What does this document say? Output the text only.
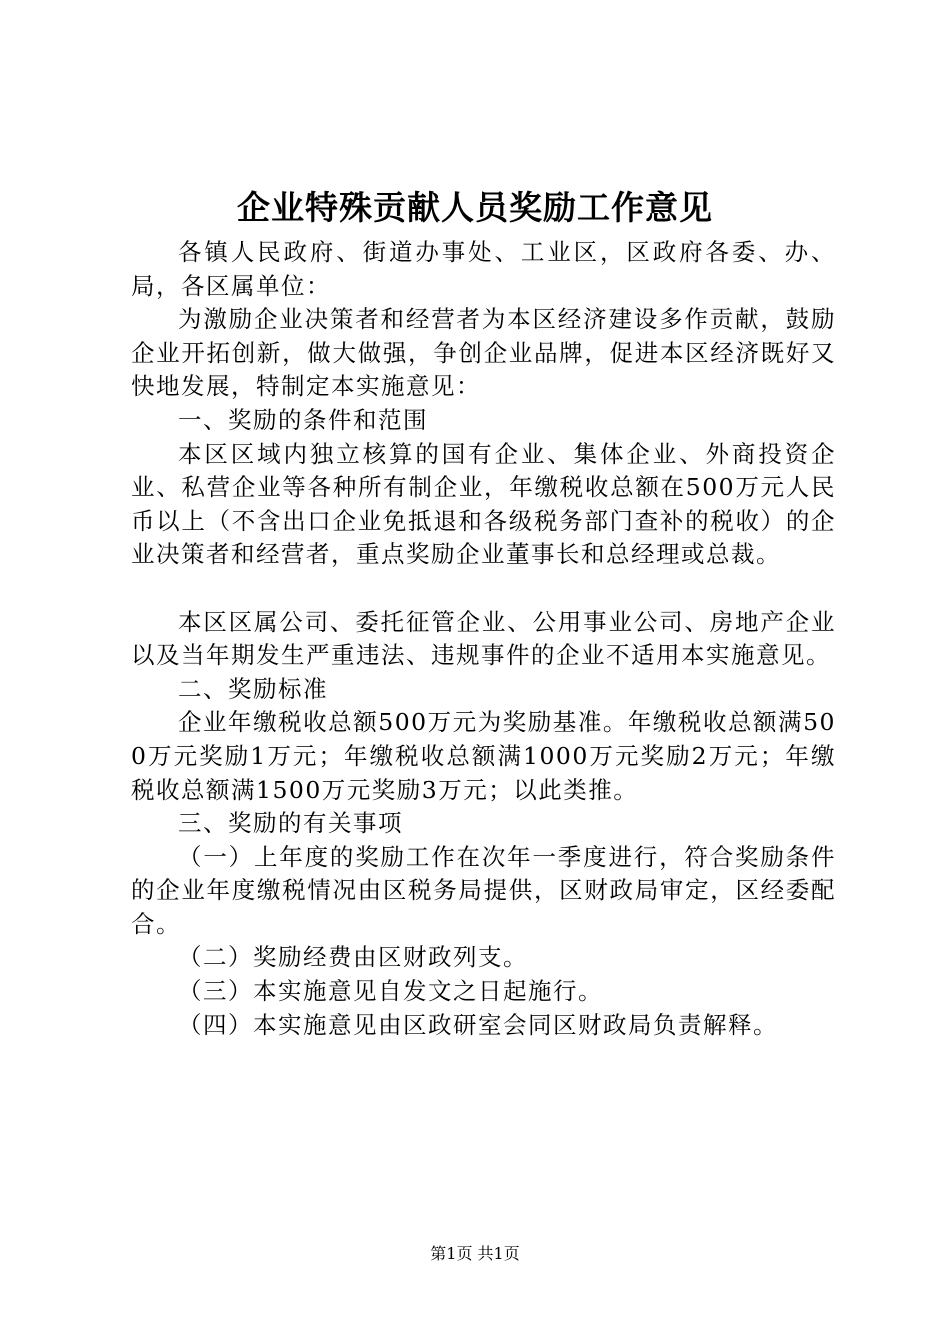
企业特殊贡献人员奖励工作意见

各镇人民政府、街道办事处、工业区，区政府各委、办、局，各区属单位：

为激励企业决策者和经营者为本区经济建设多作贡献，鼓励企业开拓创新，做大做强，争创企业品牌，促进本区经济既好又快地发展，特制定本实施意见：

一、奖励的条件和范围

本区区域内独立核算的国有企业、集体企业、外商投资企业、私营企业等各种所有制企业，年缴税收总额在500万元人民币以上（不含出口企业免抵退和各级税务部门查补的税收）的企业决策者和经营者，重点奖励企业董事长和总经理或总裁。

本区区属公司、委托征管企业、公用事业公司、房地产企业以及当年期发生严重违法、违规事件的企业不适用本实施意见。

二、奖励标准

企业年缴税收总额500万元为奖励基准。年缴税收总额满500万元奖励1万元；年缴税收总额满1000万元奖励2万元；年缴税收总额满1500万元奖励3万元；以此类推。

三、奖励的有关事项

（一）上年度的奖励工作在次年一季度进行，符合奖励条件的企业年度缴税情况由区税务局提供，区财政局审定，区经委配合。

（二）奖励经费由区财政列支。

（三）本实施意见自发文之日起施行。

（四）本实施意见由区政研室会同区财政局负责解释。

第1页 共1页
